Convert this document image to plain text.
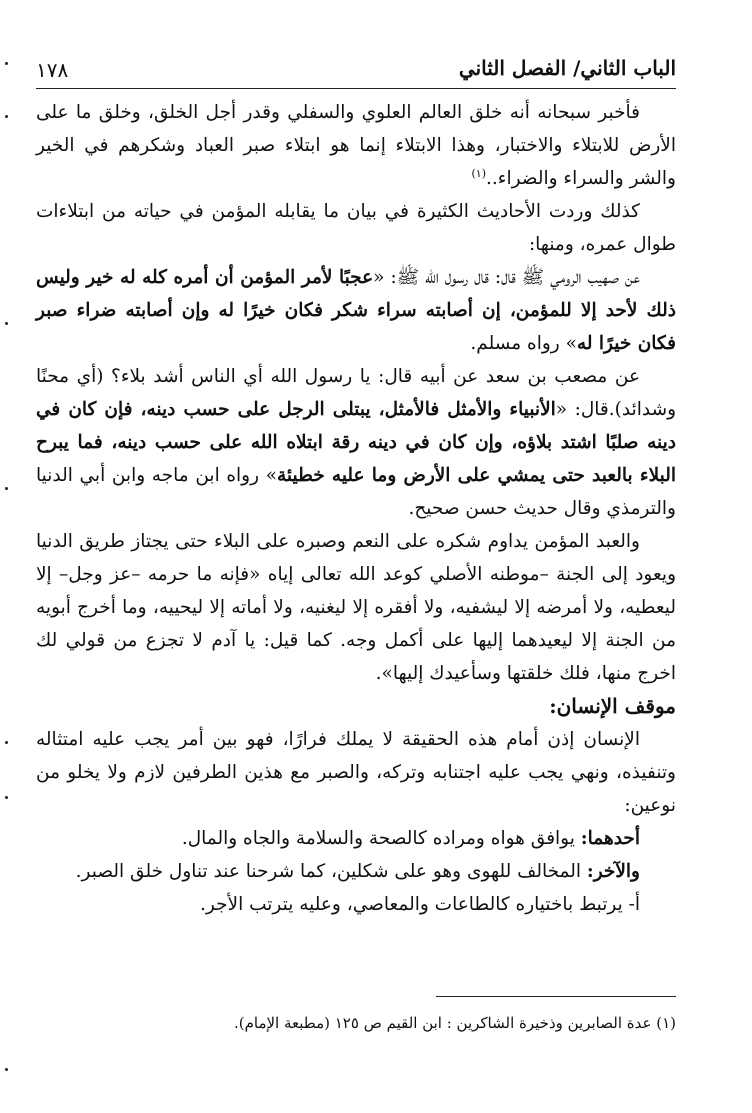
الباب الثاني/ الفصل الثاني
١٧٨

فأخبر سبحانه أنه خلق العالم العلوي والسفلي وقدر أجل الخلق، وخلق ما على الأرض للابتلاء والاختبار، وهذا الابتلاء إنما هو ابتلاء صبر العباد وشكرهم في الخير والشر والسراء والضراء..$^{(١)}$

كذلك وردت الأحاديث الكثيرة في بيان ما يقابله المؤمن في حياته من ابتلاءات طوال عمره، ومنها:

عن صهيب الرومي ﷺ قال: قال رسول الله ﷺ: «عجبًا لأمر المؤمن أن أمره كله له خير وليس ذلك لأحد إلا للمؤمن، إن أصابته سراء شكر فكان خيرًا له وإن أصابته ضراء صبر فكان خيرًا له» رواه مسلم.

عن مصعب بن سعد عن أبيه قال: يا رسول الله أي الناس أشد بلاء؟ (أي محنًا وشدائد).قال: «الأنبياء والأمثل فالأمثل، يبتلى الرجل على حسب دينه، فإن كان في دينه صلبًا اشتد بلاؤه، وإن كان في دينه رقة ابتلاه الله على حسب دينه، فما يبرح البلاء بالعبد حتى يمشي على الأرض وما عليه خطيئة» رواه ابن ماجه وابن أبي الدنيا والترمذي وقال حديث حسن صحيح.

والعبد المؤمن يداوم شكره على النعم وصبره على البلاء حتى يجتاز طريق الدنيا ويعود إلى الجنة –موطنه الأصلي كوعد الله تعالى إياه «فإنه ما حرمه –عز وجل– إلا ليعطيه، ولا أمرضه إلا ليشفيه، ولا أفقره إلا ليغنيه، ولا أماته إلا ليحييه، وما أخرج أبويه من الجنة إلا ليعيدهما إليها على أكمل وجه. كما قيل: يا آدم لا تجزع من قولي لك اخرج منها، فلك خلقتها وسأعيدك إليها».

موقف الإنسان:

الإنسان إذن أمام هذه الحقيقة لا يملك فرارًا، فهو بين أمر يجب عليه امتثاله وتنفيذه، ونهي يجب عليه اجتنابه وتركه، والصبر مع هذين الطرفين لازم ولا يخلو من نوعين:

أحدهما: يوافق هواه ومراده كالصحة والسلامة والجاه والمال.

والآخر: المخالف للهوى وهو على شكلين، كما شرحنا عند تناول خلق الصبر.

أ- يرتبط باختياره كالطاعات والمعاصي، وعليه يترتب الأجر.

(١) عدة الصابرين وذخيرة الشاكرين : ابن القيم ص ١٢٥ (مطبعة الإمام).
